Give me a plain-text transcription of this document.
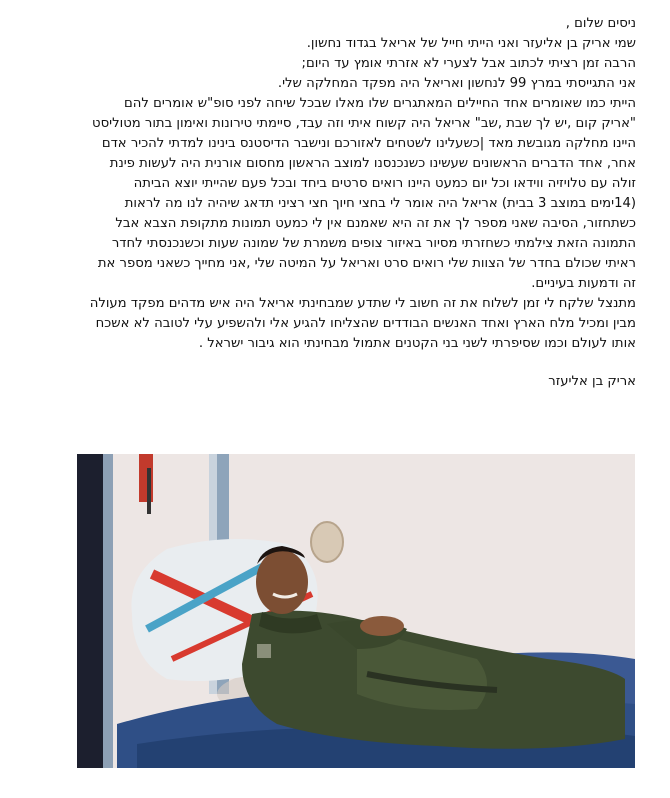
ניסים שלום ,

שמי אריק בן אליעזר ואני הייתי חייל של אריאל בגדוד נחשון.

הרבה זמן רציתי לכתוב אבל לצערי לא אזרתי אומץ עד היום;

אני התגייסתי במרץ 99 לנחשון ואריאל היה מפקד המחלקה שלי.

הייתי כמו שאומרים אחד החיילים המאתגרים שלו מאלו שבכל שיחה לפני סופ"ש אומרים להם

"אריק קום ,יש לך שבת ,שב" אריאל היה קשוח איתי וזה עבד, סיימתי טירונות ואימון בתור מטוליסט

היינו מחלקה מגובשת מאד |כשעלינו לשטחים לאזורכם ונישבר הדיסטנס בינינו למדתי להכיר אדם

אחר, אחד הדברים הראשונים שעשינו כשנכנסנו למוצב הראשון מחסום אורנית היה לעשות פינת

זולה עם טלויזיה ווידאו וכל יום כמעט היינו רואים סרטים ביחד ובכל פעם שהייתי יוצא הביתה

(14ימים במוצב 3 בבית) אריאל היה אומר לי בחצי חיוך חצי רציני תדאג שיהיה לנו מה לראות

כשתחזור, הסיבה שאני מספר לך את זה היא שאמנם אין לי כמעט תמונות מתקופת הצבא אבל

התמונה הזאת צילמתי כשחזרתי מסיור באיזור צופים משמרת של שמונה שעות וכשנכנסתי לחדר

ראיתי שכולם בחדר של הצוות שלי רואים סרט ואריאל על המיטה שלי ,אני מחייך כשאני מספר את

זה ודמעות בעיניים.

מתנצל שלקח לי זמן לשלוח את זה חשוב לי שתדע שמבחינתי אריאל היה איש מדהים מפקד מעולה

מבין ומכיל מלח הארץ ואחד האנשים הבודדים שהצליחו להגיע אלי ולהשפיע עלי לטובה לא אשכח

אותו לעולם וכמו שסיפרתי לשני בני הקטנים אתמול מבחינתי הוא גיבור ישראל .

אריק בן אליעזר
